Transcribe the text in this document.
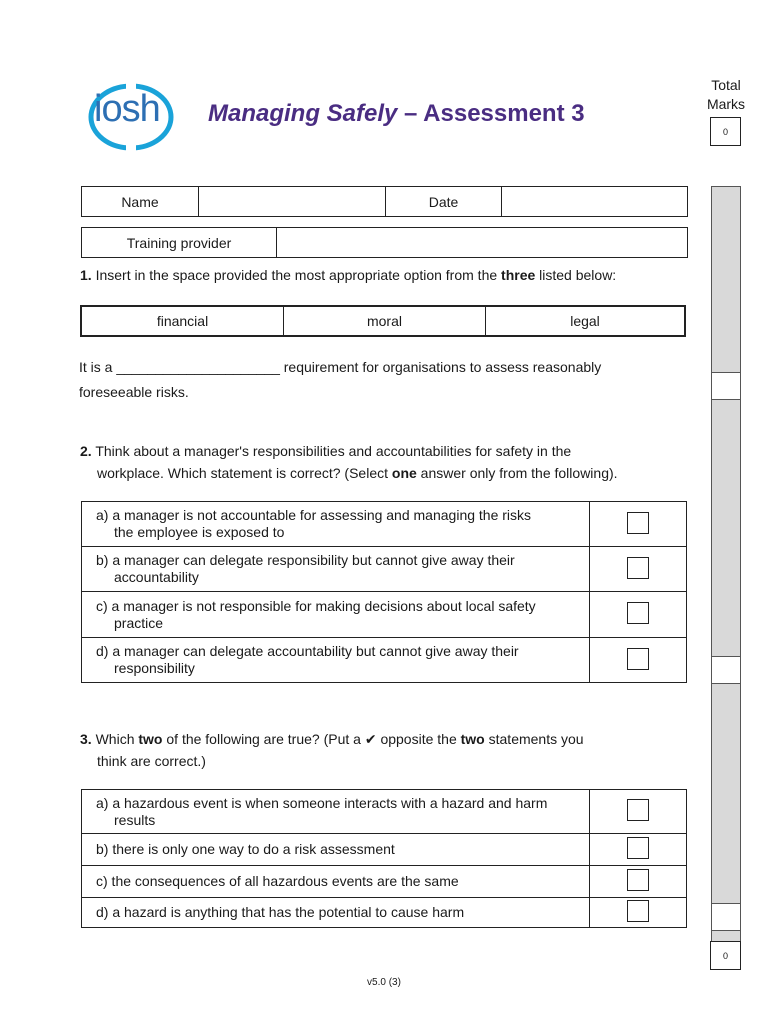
iosh Managing Safely – Assessment 3
Total
Marks
0
0
Name		Date	
Training provider	
1. Insert in the space provided the most appropriate option from the three listed below:
financial	moral	legal
It is a _____________________ requirement for organisations to assess reasonably
foreseeable risks.
2. Think about a manager's responsibilities and accountabilities for safety in the
workplace. Which statement is correct? (Select one answer only from the following).
a) a manager is not accountable for assessing and managing the risks
the employee is exposed to	

b) a manager can delegate responsibility but cannot give away their
accountability	

c) a manager is not responsible for making decisions about local safety
practice	

d) a manager can delegate accountability but cannot give away their
responsibility	

3. Which two of the following are true? (Put a ✔ opposite the two statements you
think are correct.)
a) a hazardous event is when someone interacts with a hazard and harm
results	

b) there is only one way to do a risk assessment	
c) the consequences of all hazardous events are the same	
d) a hazard is anything that has the potential to cause harm	
v5.0 (3)
